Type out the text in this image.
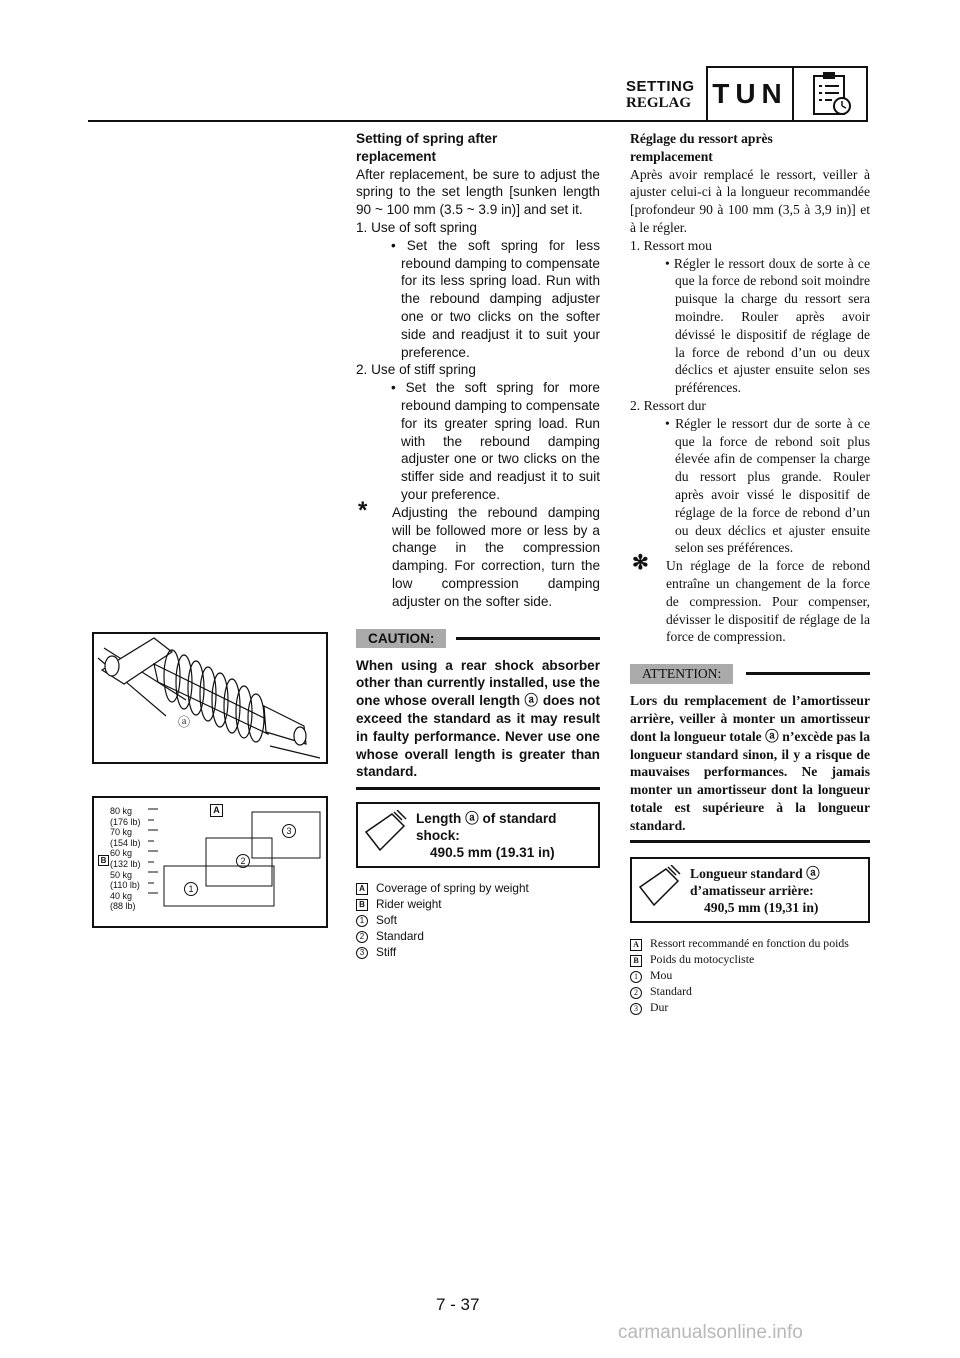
SETTING
REGLAG TUN
ⓐ
80 kg
(176 lb)
70 kg
(154 lb)
60 kg
(132 lb)
50 kg
(110 lb)
40 kg
(88 lb)
A
B
1
2
3

Setting of spring after

replacement

After replacement, be sure to adjust the spring to the set length [sunken length 90 ~ 100 mm (3.5 ~ 3.9 in)] and set it.

1. Use of soft spring

• Set the soft spring for less rebound damping to compensate for its less spring load. Run with the rebound damping adjuster one or two clicks on the softer side and readjust it to suit your preference.

2. Use of stiff spring

• Set the soft spring for more rebound damping to compensate for its greater spring load. Run with the rebound damping adjuster one or two clicks on the stiffer side and readjust it to suit your preference.

* Adjusting the rebound damping will be followed more or less by a change in the compression damping. For correction, turn the low compression damping adjuster on the softer side.

CAUTION:

When using a rear shock absorber other than currently installed, use the one whose overall length ⓐ does not exceed the standard as it may result in faulty performance. Never use one whose overall length is greater than standard.

Length ⓐ of standard
shock:
490.5 mm (19.31 in)

A Coverage of spring by weight

B Rider weight

1 Soft

2 Standard

3 Stiff

Réglage du ressort après

remplacement

Après avoir remplacé le ressort, veiller à ajuster celui-ci à la longueur recommandée [profondeur 90 à 100 mm (3,5 à 3,9 in)] et à le régler.

1. Ressort mou

• Régler le ressort doux de sorte à ce que la force de rebond soit moindre puisque la charge du ressort sera moindre. Rouler après avoir dévissé le dispositif de réglage de la force de rebond d’un ou deux déclics et ajuster ensuite selon ses préférences.

2. Ressort dur

• Régler le ressort dur de sorte à ce que la force de rebond soit plus élevée afin de compenser la charge du ressort plus grande. Rouler après avoir vissé le dispositif de réglage de la force de rebond d’un ou deux déclics et ajuster ensuite selon ses préférences.

✻ Un réglage de la force de rebond entraîne un changement de la force de compression. Pour compenser, dévisser le dispositif de réglage de la force de compression.

ATTENTION:

Lors du remplacement de l’amortisseur arrière, veiller à monter un amortisseur dont la longueur totale ⓐ n’excède pas la longueur standard sinon, il y a risque de mauvaises performances. Ne jamais monter un amortisseur dont la longueur totale est supérieure à la longueur standard.

Longueur standard ⓐ
d’amatisseur arrière:
490,5 mm (19,31 in)

A Ressort recommandé en fonction du poids

B Poids du motocycliste

1 Mou

2 Standard

3 Dur

7 - 37
carmanualsonline.info
